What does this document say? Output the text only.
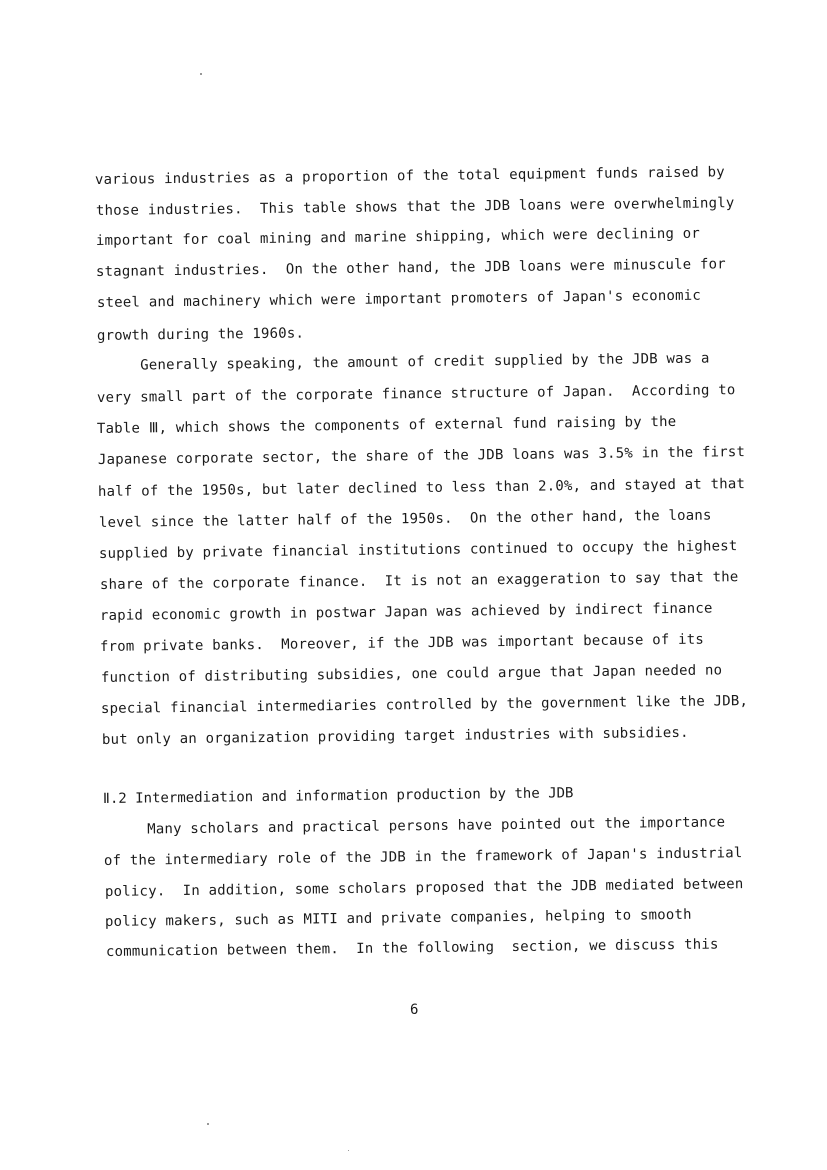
various industries as a proportion of the total equipment funds raised by
those industries.  This table shows that the JDB loans were overwhelmingly
important for coal mining and marine shipping, which were declining or
stagnant industries.  On the other hand, the JDB loans were minuscule for
steel and machinery which were important promoters of Japan's economic
growth during the 1960s.
Generally speaking, the amount of credit supplied by the JDB was a
very small part of the corporate finance structure of Japan.  According to
Table Ⅲ, which shows the components of external fund raising by the
Japanese corporate sector, the share of the JDB loans was 3.5% in the first
half of the 1950s, but later declined to less than 2.0%, and stayed at that
level since the latter half of the 1950s.  On the other hand, the loans
supplied by private financial institutions continued to occupy the highest
share of the corporate finance.  It is not an exaggeration to say that the
rapid economic growth in postwar Japan was achieved by indirect finance
from private banks.  Moreover, if the JDB was important because of its
function of distributing subsidies, one could argue that Japan needed no
special financial intermediaries controlled by the government like the JDB,
but only an organization providing target industries with subsidies.
Ⅱ.2 Intermediation and information production by the JDB
Many scholars and practical persons have pointed out the importance
of the intermediary role of the JDB in the framework of Japan's industrial
policy.  In addition, some scholars proposed that the JDB mediated between
policy makers, such as MITI and private companies, helping to smooth
communication between them.  In the following  section, we discuss this
6
